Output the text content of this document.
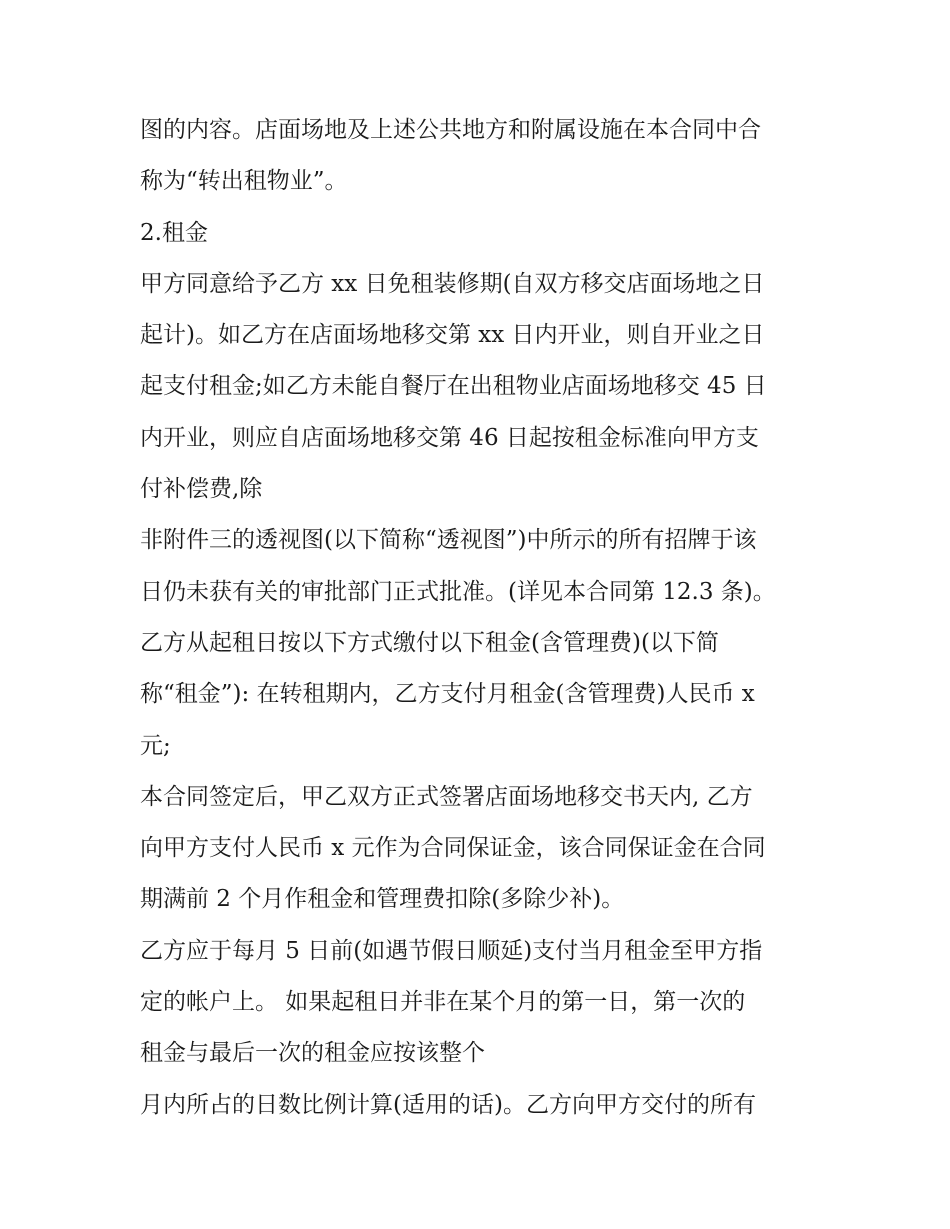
图的内容。店面场地及上述公共地方和附属设施在本合同中合
称为“转出租物业”。
2.租金
甲方同意给予乙方 xx 日免租装修期(自双方移交店面场地之日
起计)。如乙方在店面场地移交第 xx 日内开业，则自开业之日
起支付租金;如乙方未能自餐厅在出租物业店面场地移交 45 日
内开业，则应自店面场地移交第 46 日起按租金标准向甲方支
付补偿费,除
非附件三的透视图(以下简称“透视图”)中所示的所有招牌于该
日仍未获有关的审批部门正式批准。(详见本合同第 12.3 条)。
乙方从起租日按以下方式缴付以下租金(含管理费)(以下简
称“租金”): 在转租期内，乙方支付月租金(含管理费)人民币 x
元;
本合同签定后，甲乙双方正式签署店面场地移交书天内, 乙方
向甲方支付人民币 x 元作为合同保证金，该合同保证金在合同
期满前 2 个月作租金和管理费扣除(多除少补)。
乙方应于每月 5 日前(如遇节假日顺延)支付当月租金至甲方指
定的帐户上。 如果起租日并非在某个月的第一日，第一次的
租金与最后一次的租金应按该整个
月内所占的日数比例计算(适用的话)。乙方向甲方交付的所有
